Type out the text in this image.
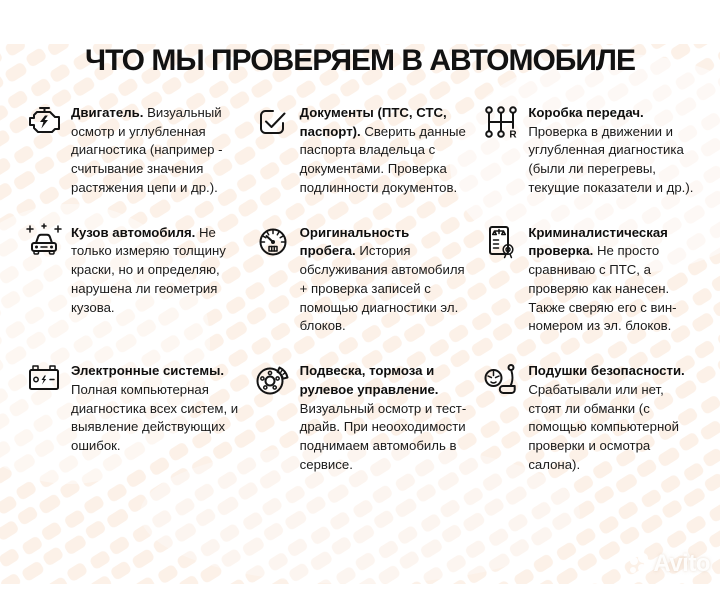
ЧТО МЫ ПРОВЕРЯЕМ В АВТОМОБИЛЕ

Двигатель. Визуальный осмотр и углубленная диагностика (например - считывание значения растяжения цепи и др.).

Документы (ПТС, СТС, паспорт). Сверить данные паспорта владельца с документами. Проверка подлинности документов.

R

Коробка передач. Проверка в движении и углубленная диагностика (были ли перегревы, текущие показатели и др.).

Кузов автомобиля. Не только измеряю толщину краски, но и определяю, нарушена ли геометрия кузова.

Оригинальность пробега. История обслуживания автомобиля + проверка записей с помощью диагностики эл. блоков.

Криминалистическая проверка. Не просто сравниваю с ПТС, а проверяю как нанесен. Также сверяю его с вин-номером из эл. блоков.

Электронные системы. Полная компьютерная диагностика всех систем, и выявление действующих ошибок.

Подвеска, тормоза и рулевое управление. Визуальный осмотр и тест-драйв. При неооходимости поднимаем автомобиль в сервисе.

Подушки безопасности. Срабатывали или нет, стоят ли обманки (с помощью компьютерной проверки и осмотра салона).

Avito
